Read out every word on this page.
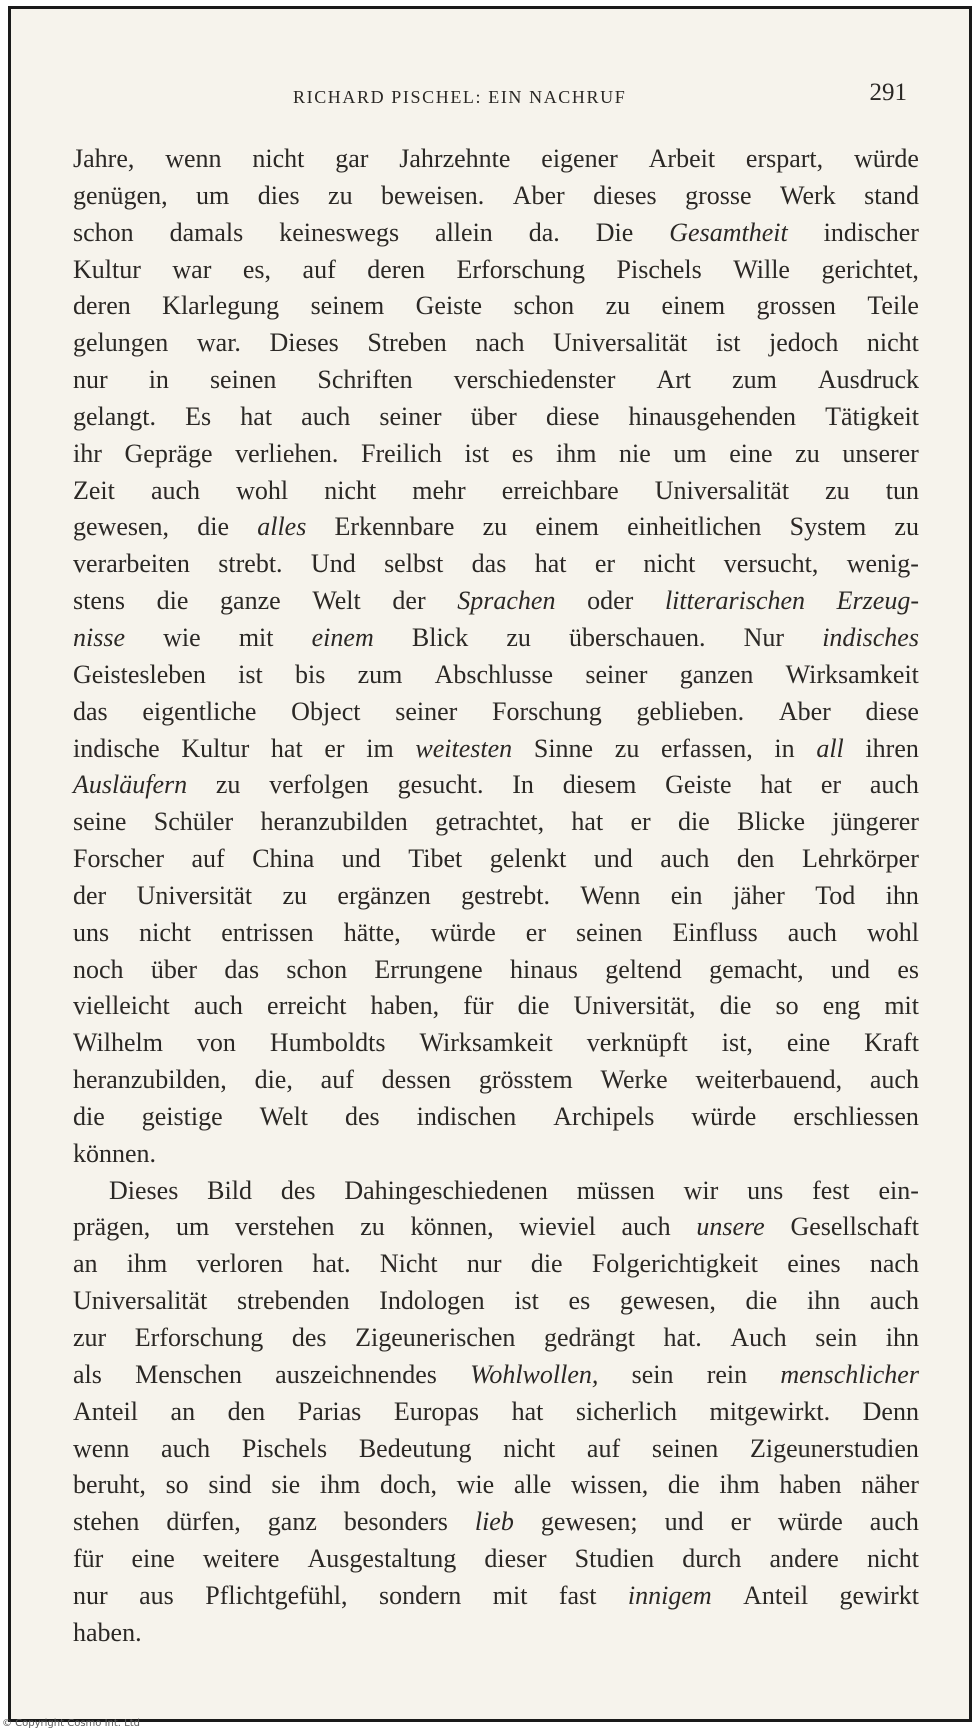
RICHARD PISCHEL: EIN NACHRUF	291
Jahre, wenn nicht gar Jahrzehnte eigener Arbeit erspart, würde
genügen, um dies zu beweisen. Aber dieses grosse Werk stand
schon damals keineswegs allein da. Die Gesamtheit indischer
Kultur war es, auf deren Erforschung Pischels Wille gerichtet,
deren Klarlegung seinem Geiste schon zu einem grossen Teile
gelungen war. Dieses Streben nach Universalität ist jedoch nicht
nur in seinen Schriften verschiedenster Art zum Ausdruck
gelangt. Es hat auch seiner über diese hinausgehenden Tätigkeit
ihr Gepräge verliehen. Freilich ist es ihm nie um eine zu unserer
Zeit auch wohl nicht mehr erreichbare Universalität zu tun
gewesen, die alles Erkennbare zu einem einheitlichen System zu
verarbeiten strebt. Und selbst das hat er nicht versucht, wenig-
stens die ganze Welt der Sprachen oder litterarischen Erzeug-
nisse wie mit einem Blick zu überschauen. Nur indisches
Geistesleben ist bis zum Abschlusse seiner ganzen Wirksamkeit
das eigentliche Object seiner Forschung geblieben. Aber diese
indische Kultur hat er im weitesten Sinne zu erfassen, in all ihren
Ausläufern zu verfolgen gesucht. In diesem Geiste hat er auch
seine Schüler heranzubilden getrachtet, hat er die Blicke jüngerer
Forscher auf China und Tibet gelenkt und auch den Lehrkörper
der Universität zu ergänzen gestrebt. Wenn ein jäher Tod ihn
uns nicht entrissen hätte, würde er seinen Einfluss auch wohl
noch über das schon Errungene hinaus geltend gemacht, und es
vielleicht auch erreicht haben, für die Universität, die so eng mit
Wilhelm von Humboldts Wirksamkeit verknüpft ist, eine Kraft
heranzubilden, die, auf dessen grösstem Werke weiterbauend, auch
die geistige Welt des indischen Archipels würde erschliessen
können.
Dieses Bild des Dahingeschiedenen müssen wir uns fest ein-
prägen, um verstehen zu können, wieviel auch unsere Gesellschaft
an ihm verloren hat. Nicht nur die Folgerichtigkeit eines nach
Universalität strebenden Indologen ist es gewesen, die ihn auch
zur Erforschung des Zigeunerischen gedrängt hat. Auch sein ihn
als Menschen auszeichnendes Wohlwollen, sein rein menschlicher
Anteil an den Parias Europas hat sicherlich mitgewirkt. Denn
wenn auch Pischels Bedeutung nicht auf seinen Zigeunerstudien
beruht, so sind sie ihm doch, wie alle wissen, die ihm haben näher
stehen dürfen, ganz besonders lieb gewesen; und er würde auch
für eine weitere Ausgestaltung dieser Studien durch andere nicht
nur aus Pflichtgefühl, sondern mit fast innigem Anteil gewirkt
haben.
© Copyright Cosmo Int. Ltd
